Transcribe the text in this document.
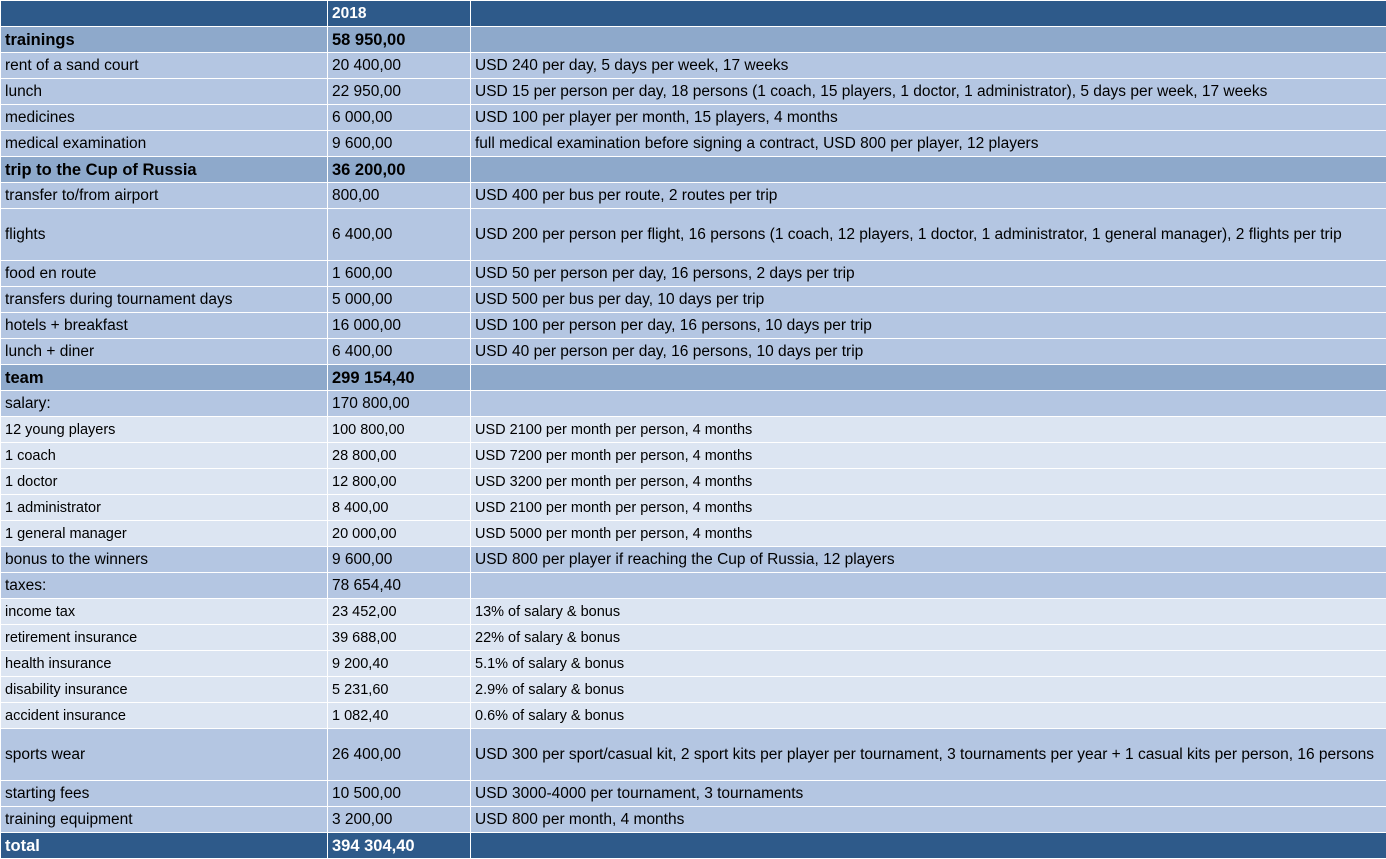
	2018	
trainings	58 950,00	
rent of a sand court	20 400,00	USD 240 per day, 5 days per week, 17 weeks
lunch	22 950,00	USD 15 per person per day, 18 persons (1 coach, 15 players, 1 doctor, 1 administrator), 5 days per week, 17 weeks
medicines	6 000,00	USD 100 per player per month, 15 players, 4 months
medical examination	9 600,00	full medical examination before signing a contract, USD 800 per player, 12 players
trip to the Cup of Russia	36 200,00	
transfer to/from airport	800,00	USD 400 per bus per route, 2 routes per trip
flights	6 400,00	USD 200 per person per flight, 16 persons (1 coach, 12 players, 1 doctor, 1 administrator, 1 general manager), 2 flights per trip
food en route	1 600,00	USD 50 per person per day, 16 persons, 2 days per trip
transfers during tournament days	5 000,00	USD 500 per bus per day, 10 days per trip
hotels + breakfast	16 000,00	USD 100 per person per day, 16 persons, 10 days per trip
lunch + diner	6 400,00	USD 40 per person per day, 16 persons, 10 days per trip
team	299 154,40	
salary:	170 800,00	
12 young players	100 800,00	USD 2100 per month per person, 4 months
1 coach	28 800,00	USD 7200 per month per person, 4 months
1 doctor	12 800,00	USD 3200 per month per person, 4 months
1 administrator	8 400,00	USD 2100 per month per person, 4 months
1 general manager	20 000,00	USD 5000 per month per person, 4 months
bonus to the winners	9 600,00	USD 800 per player if reaching the Cup of Russia, 12 players
taxes:	78 654,40	
income tax	23 452,00	13% of salary & bonus
retirement insurance	39 688,00	22% of salary & bonus
health insurance	9 200,40	5.1% of salary & bonus
disability insurance	5 231,60	2.9% of salary & bonus
accident insurance	1 082,40	0.6% of salary & bonus
sports wear	26 400,00	USD 300 per sport/casual kit, 2 sport kits per player per tournament, 3 tournaments per year + 1 casual kits per person, 16 persons
starting fees	10 500,00	USD 3000-4000 per tournament, 3 tournaments
training equipment	3 200,00	USD 800 per month, 4 months
total	394 304,40	
